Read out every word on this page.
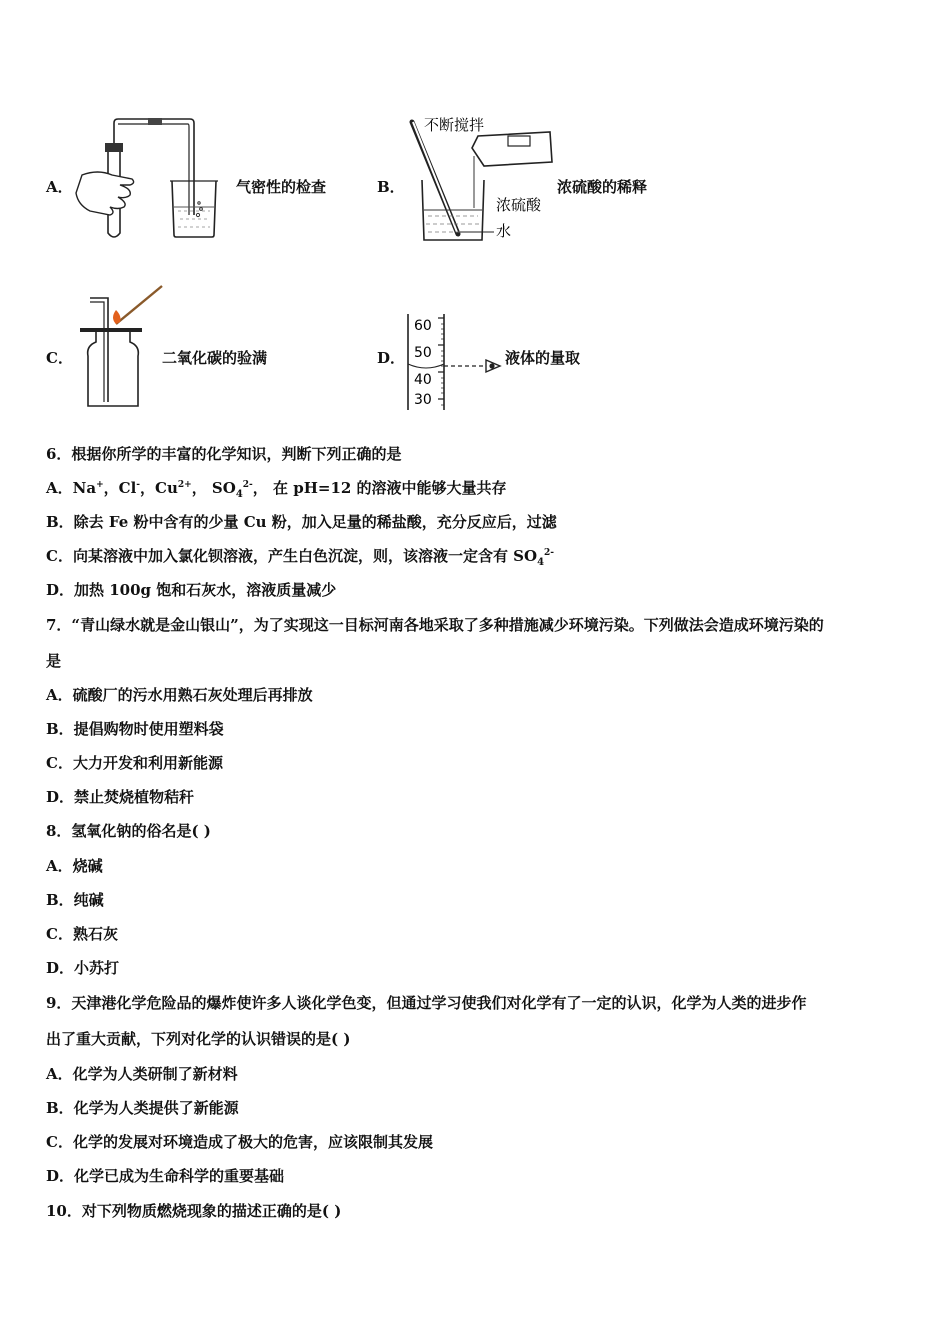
A．	气密性的检查	B．
不断搅拌
浓硫酸
水
浓硫酸的稀释
C．	二氧化碳的验满	D．
60
50
40
30
液体的量取
6．根据你所学的丰富的化学知识，判断下列正确的是
A．Na+，Cl-，$Cu^{2+}$， $SO_4^{2-}$， 在 pH=12 的溶液中能够大量共存
B．除去 Fe 粉中含有的少量 Cu 粉，加入足量的稀盐酸，充分反应后，过滤
C．向某溶液中加入氯化钡溶液，产生白色沉淀，则，该溶液一定含有 $SO_4^{2-}$
D．加热 100g 饱和石灰水，溶液质量减少
7．“青山绿水就是金山银山”，为了实现这一目标河南各地采取了多种措施减少环境污染。下列做法会造成环境污染的
是
A．硫酸厂的污水用熟石灰处理后再排放
B．提倡购物时使用塑料袋
C．大力开发和利用新能源
D．禁止焚烧植物秸秆
8．氢氧化钠的俗名是( )
A．烧碱
B．纯碱
C．熟石灰
D．小苏打
9．天津港化学危险品的爆炸使许多人谈化学色变，但通过学习使我们对化学有了一定的认识，化学为人类的进步作
出了重大贡献，下列对化学的认识错误的是( )
A．化学为人类研制了新材料
B．化学为人类提供了新能源
C．化学的发展对环境造成了极大的危害，应该限制其发展
D．化学已成为生命科学的重要基础
10．对下列物质燃烧现象的描述正确的是( )
